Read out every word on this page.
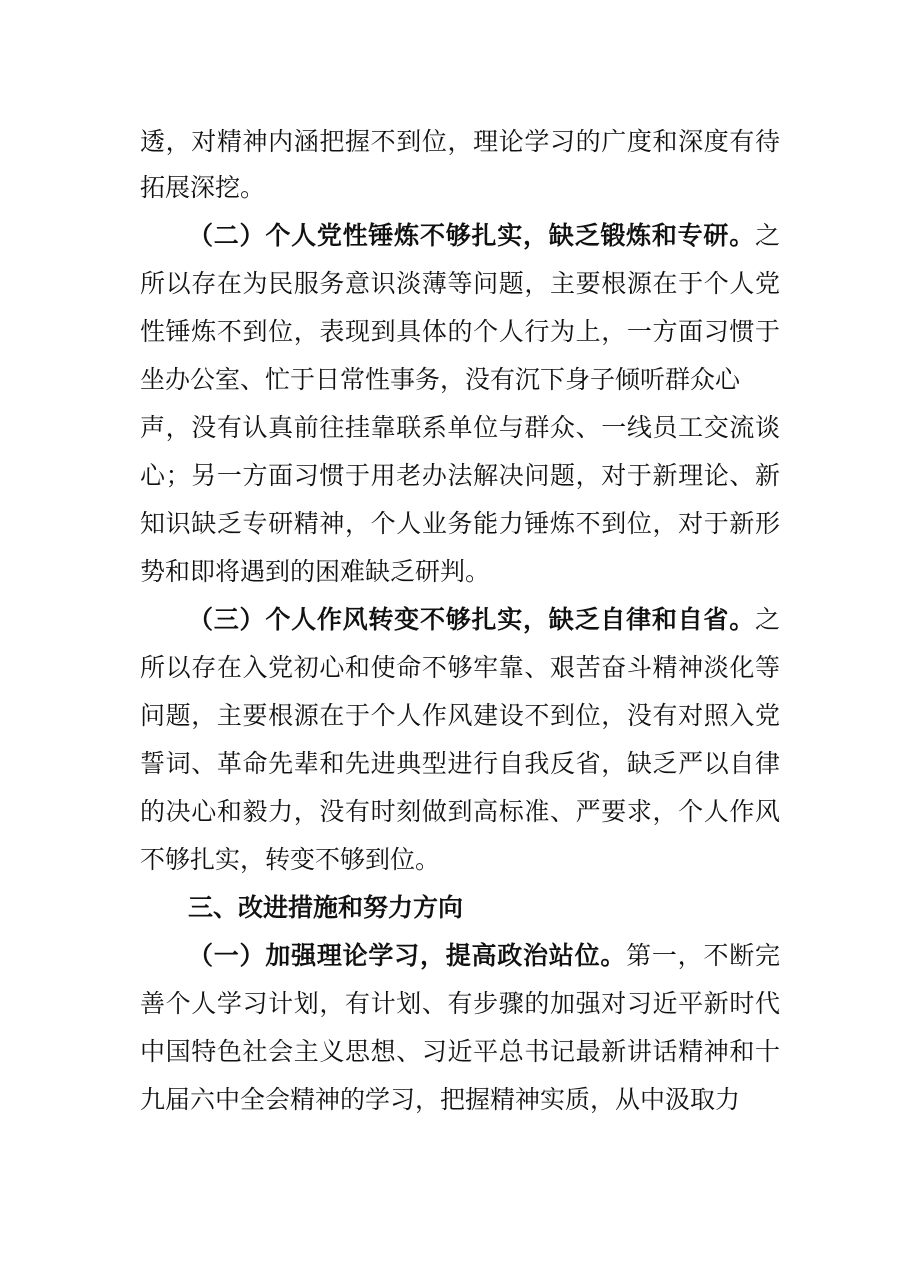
透，对精神内涵把握不到位，理论学习的广度和深度有待
拓展深挖。
（二）个人党性锤炼不够扎实，缺乏锻炼和专研。之
所以存在为民服务意识淡薄等问题，主要根源在于个人党
性锤炼不到位，表现到具体的个人行为上，一方面习惯于
坐办公室、忙于日常性事务，没有沉下身子倾听群众心
声，没有认真前往挂靠联系单位与群众、一线员工交流谈
心；另一方面习惯于用老办法解决问题，对于新理论、新
知识缺乏专研精神，个人业务能力锤炼不到位，对于新形
势和即将遇到的困难缺乏研判。
（三）个人作风转变不够扎实，缺乏自律和自省。之
所以存在入党初心和使命不够牢靠、艰苦奋斗精神淡化等
问题，主要根源在于个人作风建设不到位，没有对照入党
誓词、革命先辈和先进典型进行自我反省，缺乏严以自律
的决心和毅力，没有时刻做到高标准、严要求，个人作风
不够扎实，转变不够到位。
三、改进措施和努力方向
（一）加强理论学习，提高政治站位。第一，不断完
善个人学习计划，有计划、有步骤的加强对习近平新时代
中国特色社会主义思想、习近平总书记最新讲话精神和十
九届六中全会精神的学习，把握精神实质，从中汲取力
